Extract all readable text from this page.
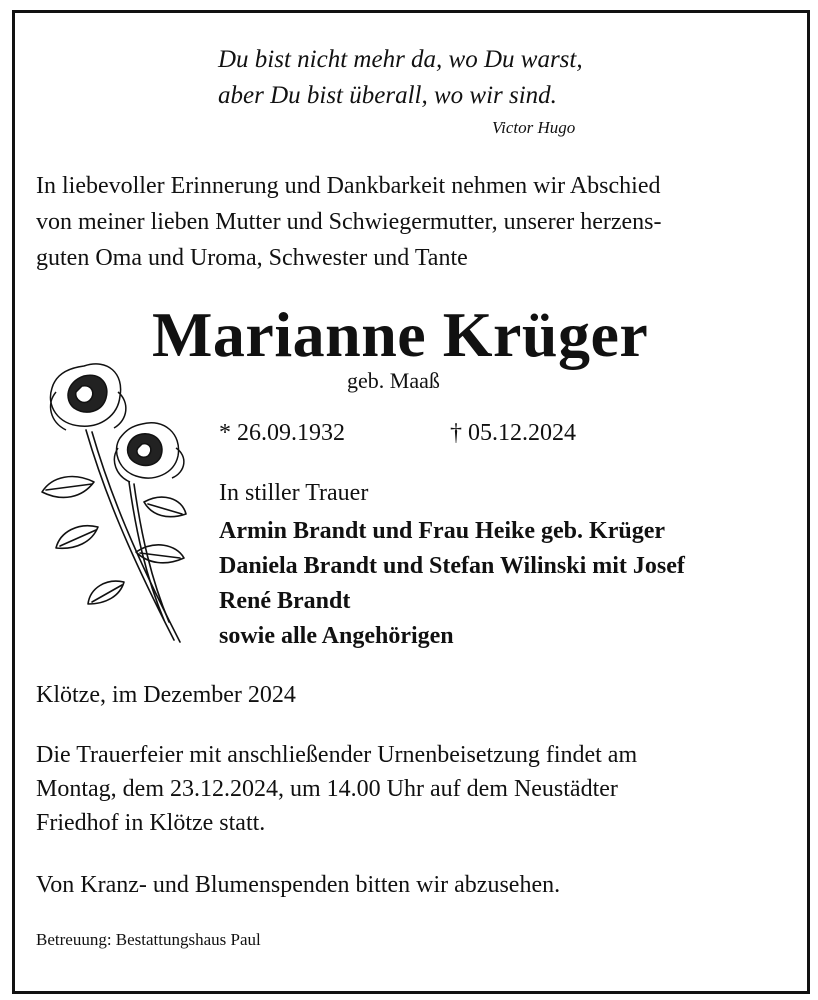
Du bist nicht mehr da, wo Du warst,

aber Du bist überall, wo wir sind.

Victor Hugo

In liebevoller Erinnerung und Dankbarkeit nehmen wir Abschied

von meiner lieben Mutter und Schwiegermutter, unserer herzens-

guten Oma und Uroma, Schwester und Tante

Marianne Krüger

geb. Maaß

* 26.09.1932	† 05.12.2024

In stiller Trauer

Armin Brandt und Frau Heike geb. Krüger

Daniela Brandt und Stefan Wilinski mit Josef

René Brandt

sowie alle Angehörigen

Klötze, im Dezember 2024

Die Trauerfeier mit anschließender Urnenbeisetzung findet am

Montag, dem 23.12.2024, um 14.00 Uhr auf dem Neustädter

Friedhof in Klötze statt.

Von Kranz- und Blumenspenden bitten wir abzusehen.

Betreuung: Bestattungshaus Paul
